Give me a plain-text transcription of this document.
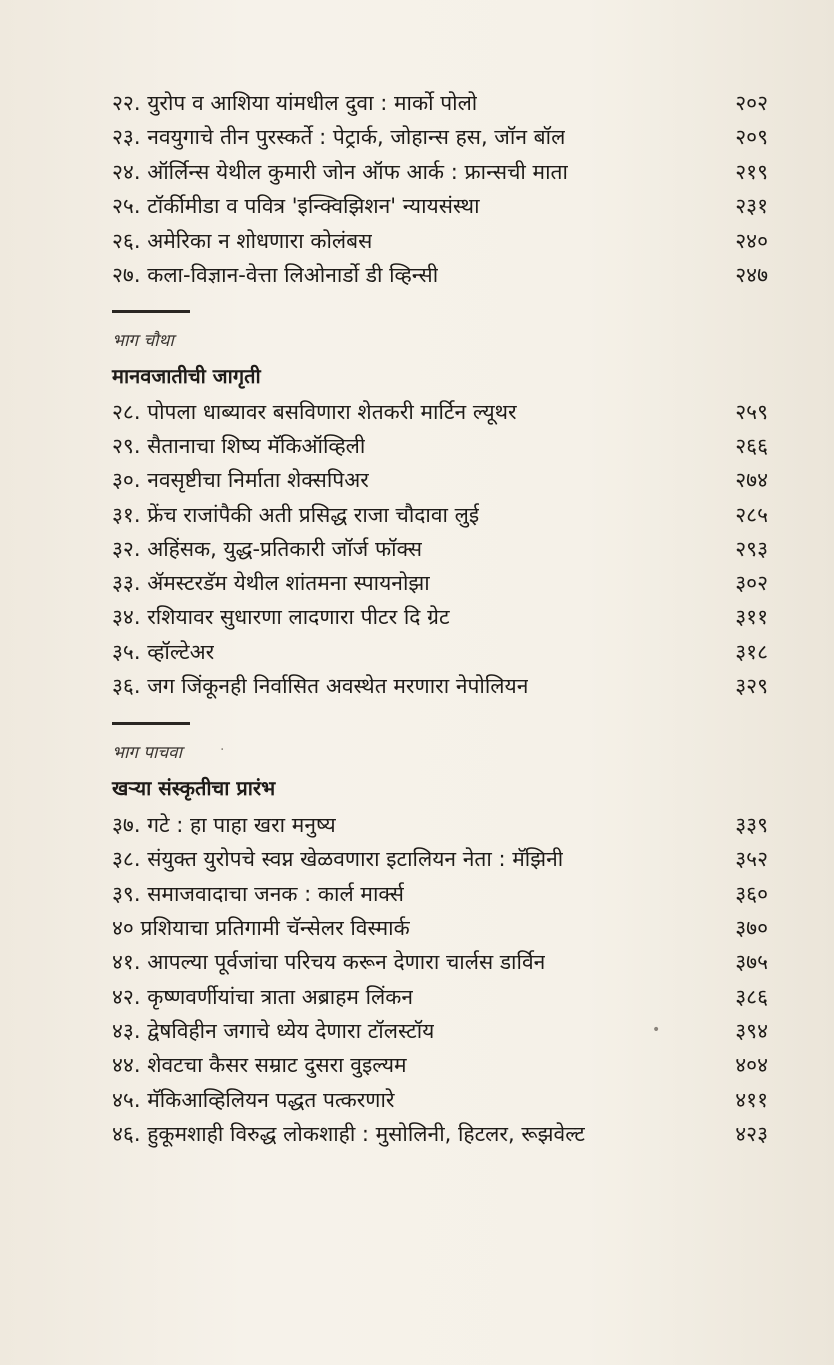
२२. युरोप व आशिया यांमधील दुवा : मार्को पोलो	२०२
२३. नवयुगाचे तीन पुरस्कर्ते : पेट्रार्क, जोहान्स हस, जॉन बॉल	२०९
२४. ऑर्लिन्स येथील कुमारी जोन ऑफ आर्क : फ्रान्सची माता	२१९
२५. टॉर्कीमीडा व पवित्र 'इन्क्विझिशन' न्यायसंस्था	२३१
२६. अमेरिका न शोधणारा कोलंबस	२४०
२७. कला-विज्ञान-वेत्ता लिओनार्डो डी व्हिन्सी	२४७
भाग चौथा
मानवजातीची जागृती
२८. पोपला धाब्यावर बसविणारा शेतकरी मार्टिन ल्यूथर	२५९
२९. सैतानाचा शिष्य मॅकिऑव्हिली	२६६
३०. नवसृष्टीचा निर्माता शेक्सपिअर	२७४
३१. फ्रेंच राजांपैकी अती प्रसिद्ध राजा चौदावा लुई	२८५
३२. अहिंसक, युद्ध-प्रतिकारी जॉर्ज फॉक्स	२९३
३३. ॲमस्टरडॅम येथील शांतमना स्पायनोझा	३०२
३४. रशियावर सुधारणा लादणारा पीटर दि ग्रेट	३११
३५. व्हॉल्टेअर	३१८
३६. जग जिंकूनही निर्वासित अवस्थेत मरणारा नेपोलियन	३२९
भाग पाचवा	·
खऱ्या संस्कृतीचा प्रारंभ
३७. गटे : हा पाहा खरा मनुष्य	३३९
३८. संयुक्त युरोपचे स्वप्न खेळवणारा इटालियन नेता : मॅझिनी	३५२
३९. समाजवादाचा जनक : कार्ल मार्क्स	३६०
४० प्रशियाचा प्रतिगामी चॅन्सेलर विस्मार्क	३७०
४१. आपल्या पूर्वजांचा परिचय करून देणारा चार्लस डार्विन	३७५
४२. कृष्णवर्णीयांचा त्राता अब्राहम लिंकन	३८६
४३. द्वेषविहीन जगाचे ध्येय देणारा टॉलस्टॉय	३९४
•
४४. शेवटचा कैसर सम्राट दुसरा वुइल्यम	४०४
४५. मॅकिआव्हिलियन पद्धत पत्करणारे	४११
४६. हुकूमशाही विरुद्ध लोकशाही : मुसोलिनी, हिटलर, रूझवेल्ट	४२३
